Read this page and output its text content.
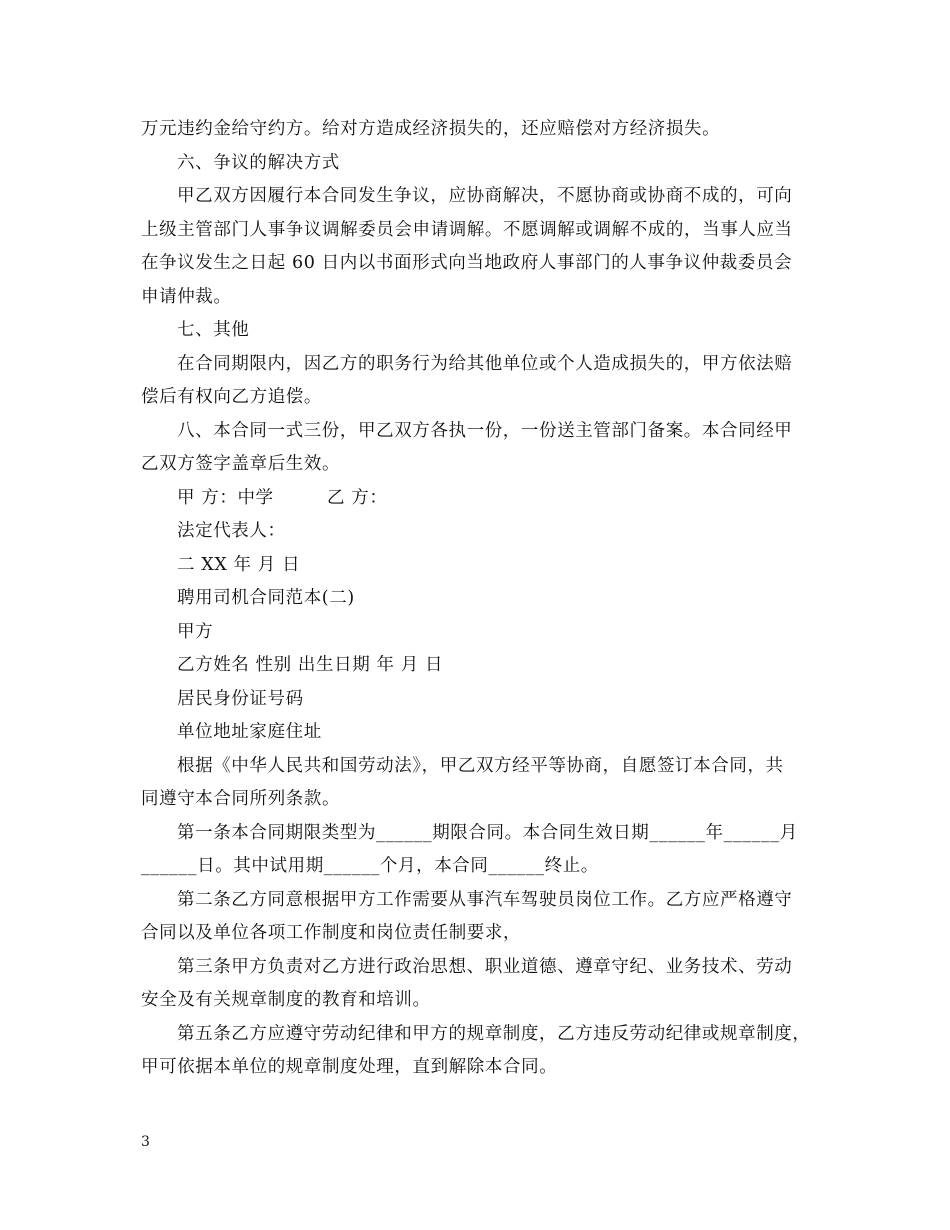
万元违约金给守约方。给对方造成经济损失的，还应赔偿对方经济损失。
六、争议的解决方式
甲乙双方因履行本合同发生争议，应协商解决，不愿协商或协商不成的，可向
上级主管部门人事争议调解委员会申请调解。不愿调解或调解不成的，当事人应当
在争议发生之日起 60 日内以书面形式向当地政府人事部门的人事争议仲裁委员会
申请仲裁。
七、其他
在合同期限内，因乙方的职务行为给其他单位或个人造成损失的，甲方依法赔
偿后有权向乙方追偿。
八、本合同一式三份，甲乙双方各执一份，一份送主管部门备案。本合同经甲
乙双方签字盖章后生效。
甲 方：中学	乙 方：
法定代表人：
二 XX 年 月 日
聘用司机合同范本(二)
甲方
乙方姓名 性别 出生日期 年 月 日
居民身份证号码
单位地址家庭住址
根据《中华人民共和国劳动法》，甲乙双方经平等协商，自愿签订本合同，共
同遵守本合同所列条款。
第一条本合同期限类型为______期限合同。本合同生效日期______年______月
______日。其中试用期______个月，本合同______终止。
第二条乙方同意根据甲方工作需要从事汽车驾驶员岗位工作。乙方应严格遵守
合同以及单位各项工作制度和岗位责任制要求，
第三条甲方负责对乙方进行政治思想、职业道德、遵章守纪、业务技术、劳动
安全及有关规章制度的教育和培训。
第五条乙方应遵守劳动纪律和甲方的规章制度，乙方违反劳动纪律或规章制度，
甲可依据本单位的规章制度处理，直到解除本合同。
3
